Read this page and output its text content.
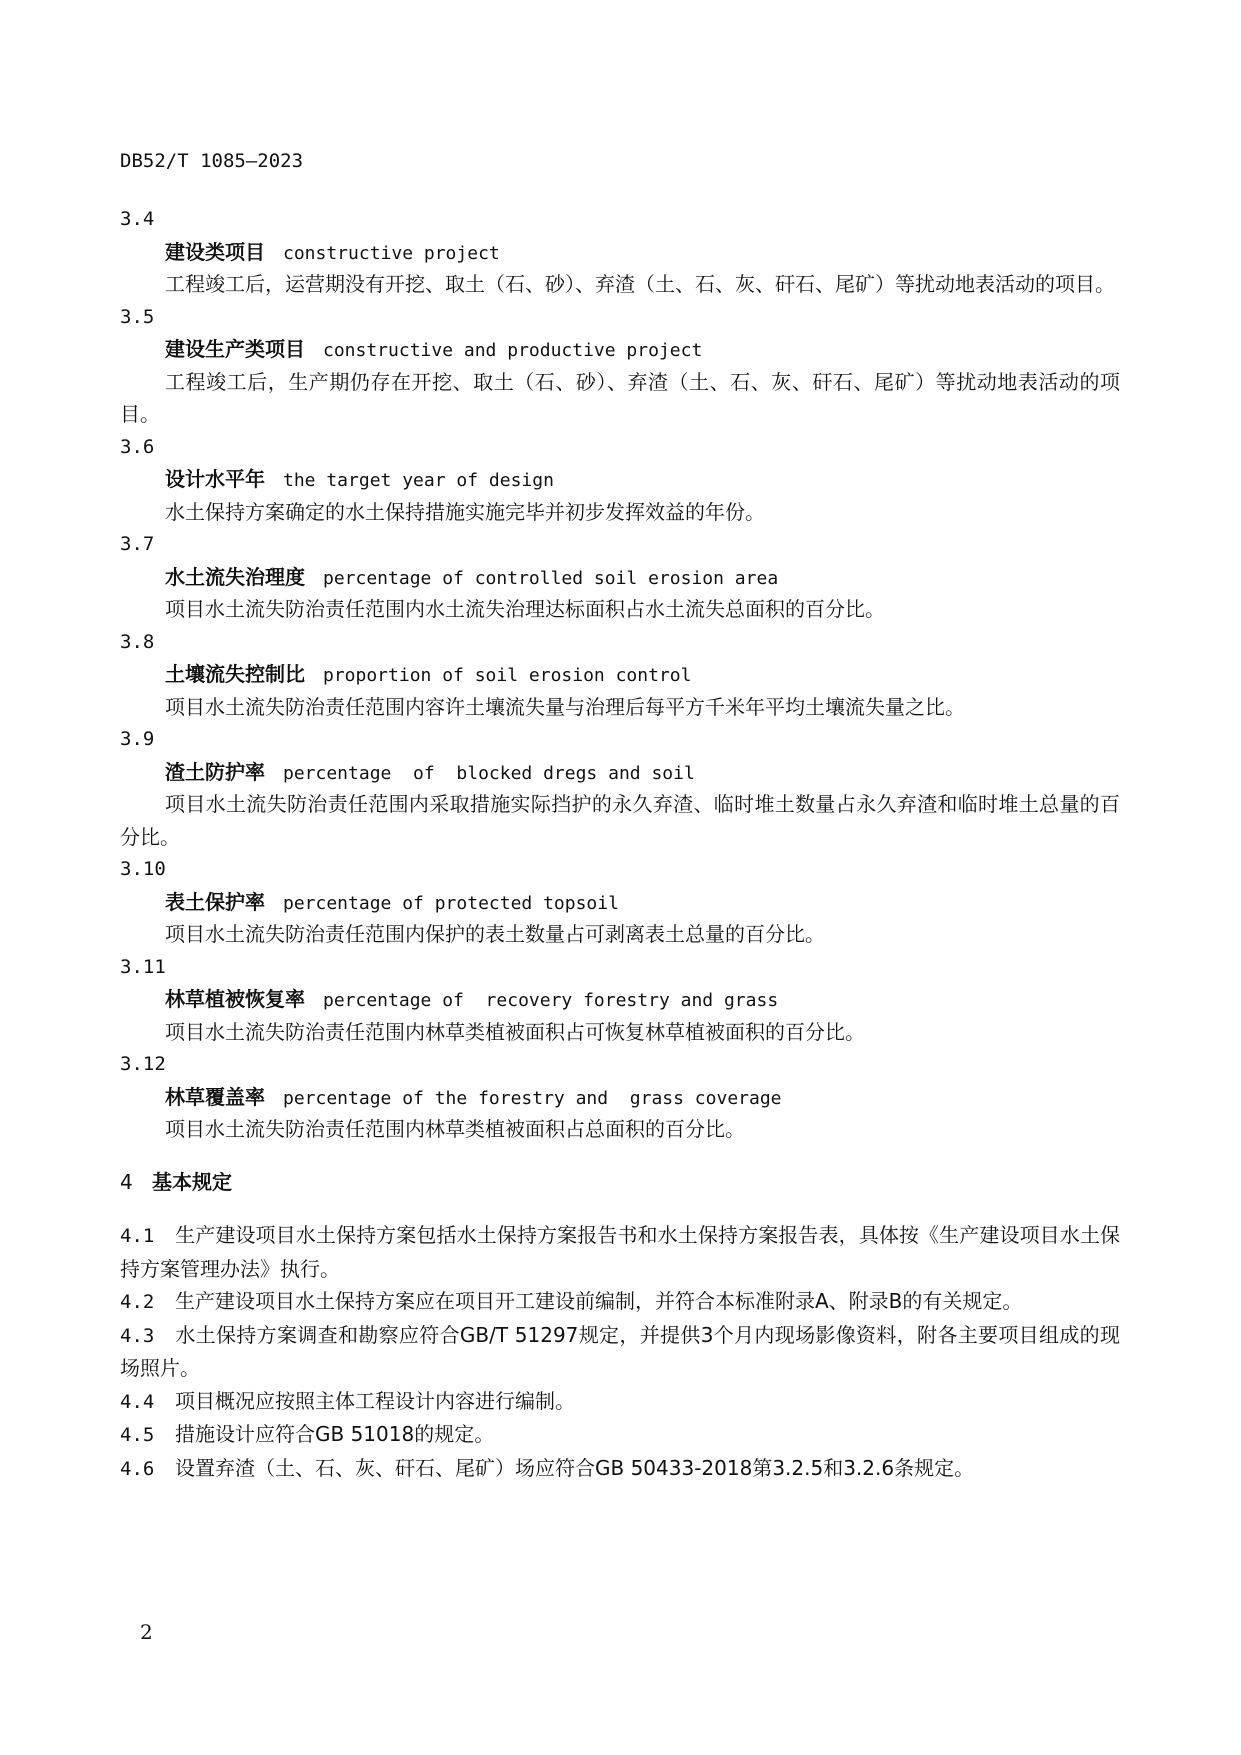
DB52/T 1085—2023
3.4
建设类项目 constructive project
工程竣工后，运营期没有开挖、取土（石、砂）、弃渣（土、石、灰、矸石、尾矿）等扰动地表活动的项目。
3.5
建设生产类项目 constructive and productive project
工程竣工后，生产期仍存在开挖、取土（石、砂）、弃渣（土、石、灰、矸石、尾矿）等扰动地表活动的项目。
3.6
设计水平年 the target year of design
水土保持方案确定的水土保持措施实施完毕并初步发挥效益的年份。
3.7
水土流失治理度 percentage of controlled soil erosion area
项目水土流失防治责任范围内水土流失治理达标面积占水土流失总面积的百分比。
3.8
土壤流失控制比 proportion of soil erosion control
项目水土流失防治责任范围内容许土壤流失量与治理后每平方千米年平均土壤流失量之比。
3.9
渣土防护率 percentage  of  blocked dregs and soil
项目水土流失防治责任范围内采取措施实际挡护的永久弃渣、临时堆土数量占永久弃渣和临时堆土总量的百分比。
3.10
表土保护率 percentage of protected topsoil
项目水土流失防治责任范围内保护的表土数量占可剥离表土总量的百分比。
3.11
林草植被恢复率 percentage of  recovery forestry and grass
项目水土流失防治责任范围内林草类植被面积占可恢复林草植被面积的百分比。
3.12
林草覆盖率 percentage of the forestry and  grass coverage
项目水土流失防治责任范围内林草类植被面积占总面积的百分比。
4 基本规定
4.1 生产建设项目水土保持方案包括水土保持方案报告书和水土保持方案报告表，具体按《生产建设项目水土保持方案管理办法》执行。
4.2 生产建设项目水土保持方案应在项目开工建设前编制，并符合本标准附录A、附录B的有关规定。
4.3 水土保持方案调查和勘察应符合GB/T 51297规定，并提供3个月内现场影像资料，附各主要项目组成的现场照片。
4.4 项目概况应按照主体工程设计内容进行编制。
4.5 措施设计应符合GB 51018的规定。
4.6 设置弃渣（土、石、灰、矸石、尾矿）场应符合GB 50433-2018第3.2.5和3.2.6条规定。
2
